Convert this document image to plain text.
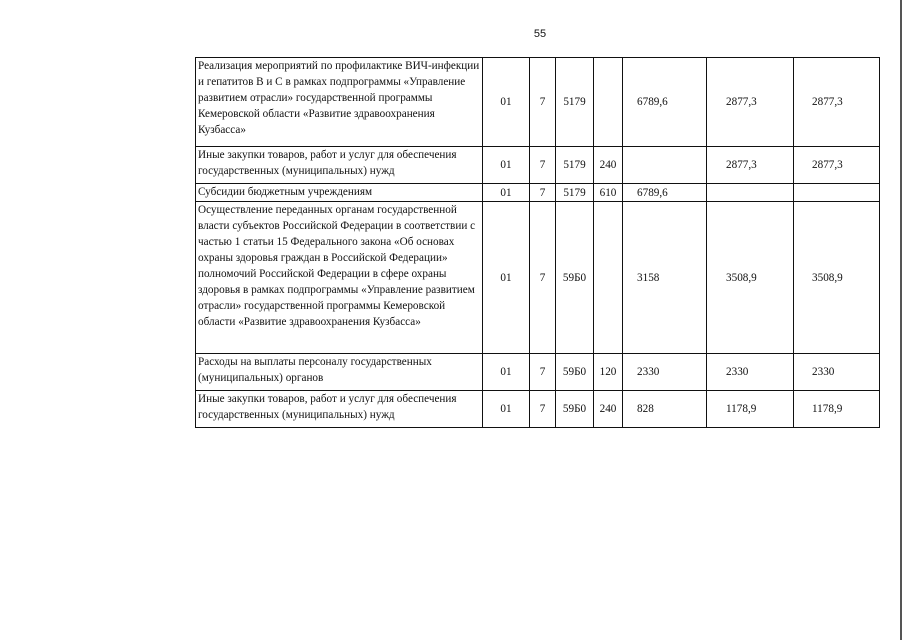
55
Реализация мероприятий по профилактике ВИЧ-инфекции и гепатитов В и С в рамках подпрограммы «Управление развитием отрасли» государственной программы Кемеровской области «Развитие здравоохранения Кузбасса»	01	7	5179		6789,6	2877,3	2877,3
Иные закупки товаров, работ и услуг для обеспечения государственных (муниципальных) нужд	01	7	5179	240		2877,3	2877,3
Субсидии бюджетным учреждениям	01	7	5179	610	6789,6		
Осуществление переданных органам государственной власти субъектов Российской Федерации в соответствии с частью 1 статьи 15 Федерального закона «Об основах охраны здоровья граждан в Российской Федерации» полномочий Российской Федерации в сфере охраны здоровья в рамках подпрограммы «Управление развитием отрасли» государственной программы Кемеровской области «Развитие здравоохранения Кузбасса»	01	7	59Б0		3158	3508,9	3508,9
Расходы на выплаты персоналу государственных (муниципальных) органов	01	7	59Б0	120	2330	2330	2330
Иные закупки товаров, работ и услуг для обеспечения государственных (муниципальных) нужд	01	7	59Б0	240	828	1178,9	1178,9
